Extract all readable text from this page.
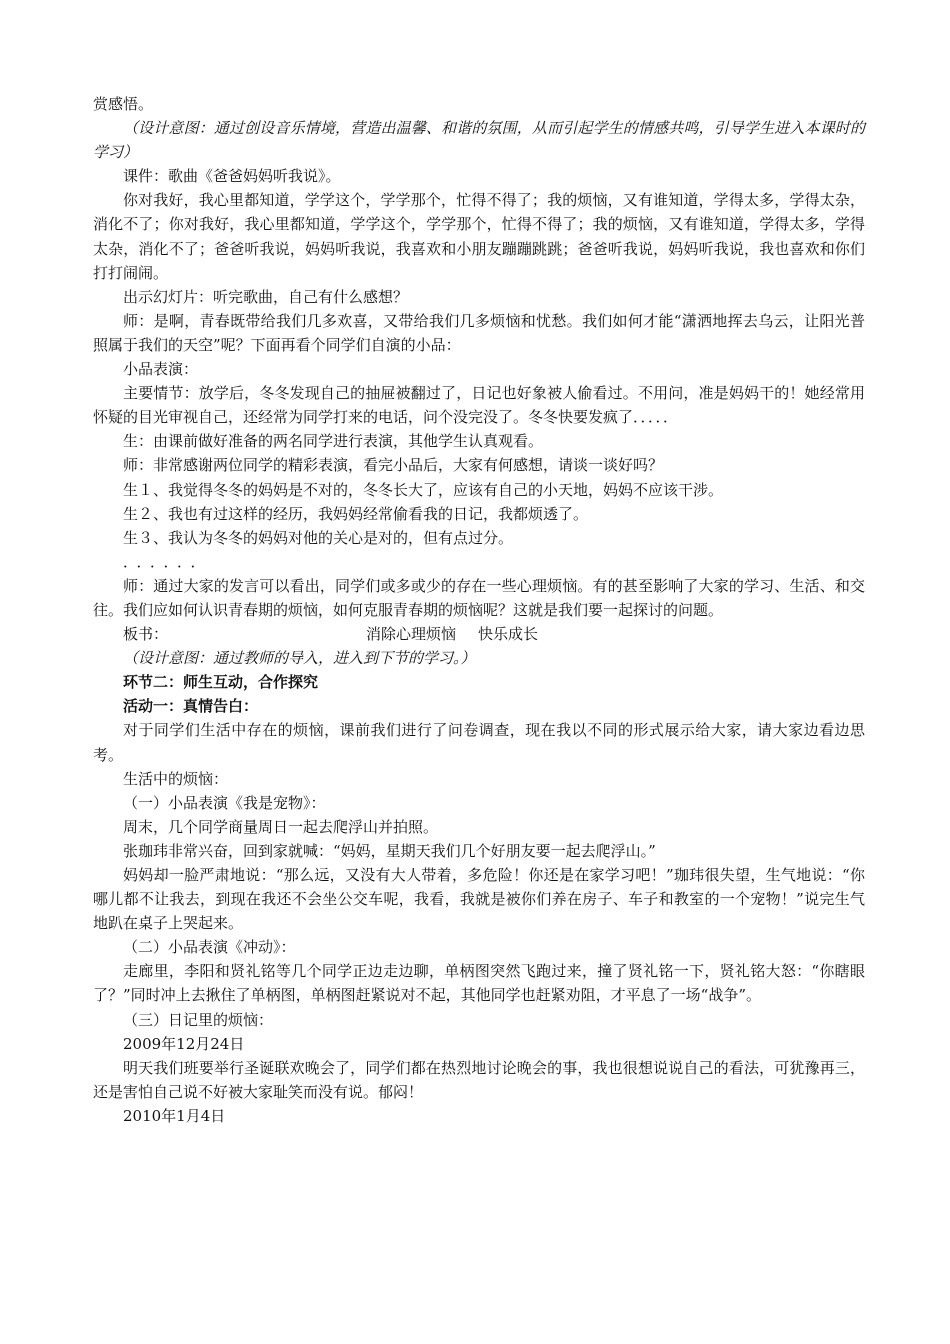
赏感悟。

（设计意图：通过创设音乐情境，营造出温馨、和谐的氛围，从而引起学生的情感共鸣，引导学生进入本课时的学习）

课件：歌曲《爸爸妈妈听我说》。

你对我好，我心里都知道，学学这个，学学那个，忙得不得了；我的烦恼，又有谁知道，学得太多，学得太杂，消化不了；你对我好，我心里都知道，学学这个，学学那个，忙得不得了；我的烦恼，又有谁知道，学得太多，学得太杂，消化不了；爸爸听我说，妈妈听我说，我喜欢和小朋友蹦蹦跳跳；爸爸听我说，妈妈听我说，我也喜欢和你们打打闹闹。

出示幻灯片：听完歌曲，自己有什么感想？

师：是啊，青春既带给我们几多欢喜，又带给我们几多烦恼和忧愁。我们如何才能“潇洒地挥去乌云，让阳光普照属于我们的天空”呢？下面再看个同学们自演的小品：

小品表演：

主要情节：放学后，冬冬发现自己的抽屉被翻过了，日记也好象被人偷看过。不用问，准是妈妈干的！她经常用怀疑的目光审视自己，还经常为同学打来的电话，问个没完没了。冬冬快要发疯了．．．．．

生：由课前做好准备的两名同学进行表演，其他学生认真观看。

师：非常感谢两位同学的精彩表演，看完小品后，大家有何感想，请谈一谈好吗？

生１、我觉得冬冬的妈妈是不对的，冬冬长大了，应该有自己的小天地，妈妈不应该干涉。

生２、我也有过这样的经历，我妈妈经常偷看我的日记，我都烦透了。

生３、我认为冬冬的妈妈对他的关心是对的，但有点过分。

．．．．．．

师：通过大家的发言可以看出，同学们或多或少的存在一些心理烦恼。有的甚至影响了大家的学习、生活、和交往。我们应如何认识青春期的烦恼，如何克服青春期的烦恼呢？这就是我们要一起探讨的问题。

板书：	消除心理烦恼 快乐成长

（设计意图：通过教师的导入，进入到下节的学习。）

环节二：师生互动，合作探究

活动一：真情告白：

对于同学们生活中存在的烦恼，课前我们进行了问卷调查，现在我以不同的形式展示给大家，请大家边看边思考。

生活中的烦恼：

（一）小品表演《我是宠物》：

周末，几个同学商量周日一起去爬浮山并拍照。

张珈玮非常兴奋，回到家就喊：“妈妈，星期天我们几个好朋友要一起去爬浮山。”

妈妈却一脸严肃地说：“那么远，又没有大人带着，多危险！你还是在家学习吧！”珈玮很失望，生气地说：“你哪儿都不让我去，到现在我还不会坐公交车呢，我看，我就是被你们养在房子、车子和教室的一个宠物！”说完生气地趴在桌子上哭起来。

（二）小品表演《冲动》：

走廊里，李阳和贤礼铭等几个同学正边走边聊，单柄图突然飞跑过来，撞了贤礼铭一下，贤礼铭大怒：“你瞎眼了？”同时冲上去揪住了单柄图，单柄图赶紧说对不起，其他同学也赶紧劝阻，才平息了一场“战争”。

（三）日记里的烦恼：

2009年12月24日

明天我们班要举行圣诞联欢晚会了，同学们都在热烈地讨论晚会的事，我也很想说说自己的看法，可犹豫再三，还是害怕自己说不好被大家耻笑而没有说。郁闷！

2010年1月4日
